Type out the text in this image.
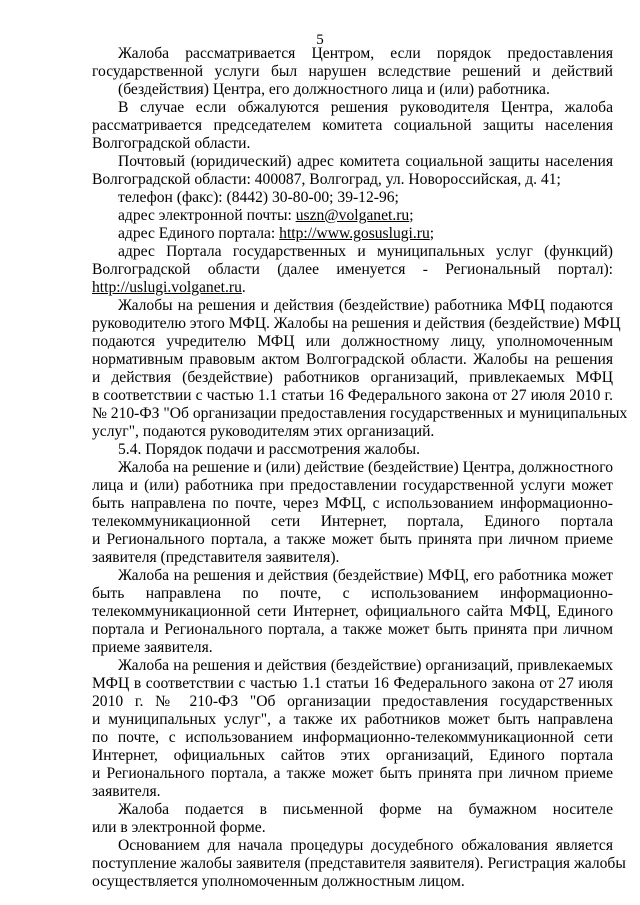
5
Жалоба рассматривается Центром, если порядок предоставления
государственной услуги был нарушен вследствие решений и действий
(бездействия) Центра, его должностного лица и (или) работника.
В случае если обжалуются решения руководителя Центра, жалоба
рассматривается председателем комитета социальной защиты населения
Волгоградской области.
Почтовый (юридический) адрес комитета социальной защиты населения
Волгоградской области: 400087, Волгоград, ул. Новороссийская, д. 41;
телефон (факс): (8442) 30-80-00; 39-12-96;
адрес электронной почты: uszn@volganet.ru;
адрес Единого портала: http://www.gosuslugi.ru;
адрес Портала государственных и муниципальных услуг (функций)
Волгоградской области (далее именуется - Региональный портал):
http://uslugi.volganet.ru.
Жалобы на решения и действия (бездействие) работника МФЦ подаются
руководителю этого МФЦ. Жалобы на решения и действия (бездействие) МФЦ
подаются учредителю МФЦ или должностному лицу, уполномоченным
нормативным правовым актом Волгоградской области. Жалобы на решения
и действия (бездействие) работников организаций, привлекаемых МФЦ
в соответствии с частью 1.1 статьи 16 Федерального закона от 27 июля 2010 г.
№ 210-ФЗ "Об организации предоставления государственных и муниципальных
услуг", подаются руководителям этих организаций.
5.4. Порядок подачи и рассмотрения жалобы.
Жалоба на решение и (или) действие (бездействие) Центра, должностного
лица и (или) работника при предоставлении государственной услуги может
быть направлена по почте, через МФЦ, с использованием информационно-
телекоммуникационной сети Интернет, портала, Единого портала
и Регионального портала, а также может быть принята при личном приеме
заявителя (представителя заявителя).
Жалоба на решения и действия (бездействие) МФЦ, его работника может
быть направлена по почте, с использованием информационно-
телекоммуникационной сети Интернет, официального сайта МФЦ, Единого
портала и Регионального портала, а также может быть принята при личном
приеме заявителя.
Жалоба на решения и действия (бездействие) организаций, привлекаемых
МФЦ в соответствии с частью 1.1 статьи 16 Федерального закона от 27 июля
2010 г. № 210-ФЗ "Об организации предоставления государственных
и муниципальных услуг", а также их работников может быть направлена
по почте, с использованием информационно-телекоммуникационной сети
Интернет, официальных сайтов этих организаций, Единого портала
и Регионального портала, а также может быть принята при личном приеме
заявителя.
Жалоба подается в письменной форме на бумажном носителе
или в электронной форме.
Основанием для начала процедуры досудебного обжалования является
поступление жалобы заявителя (представителя заявителя). Регистрация жалобы
осуществляется уполномоченным должностным лицом.
